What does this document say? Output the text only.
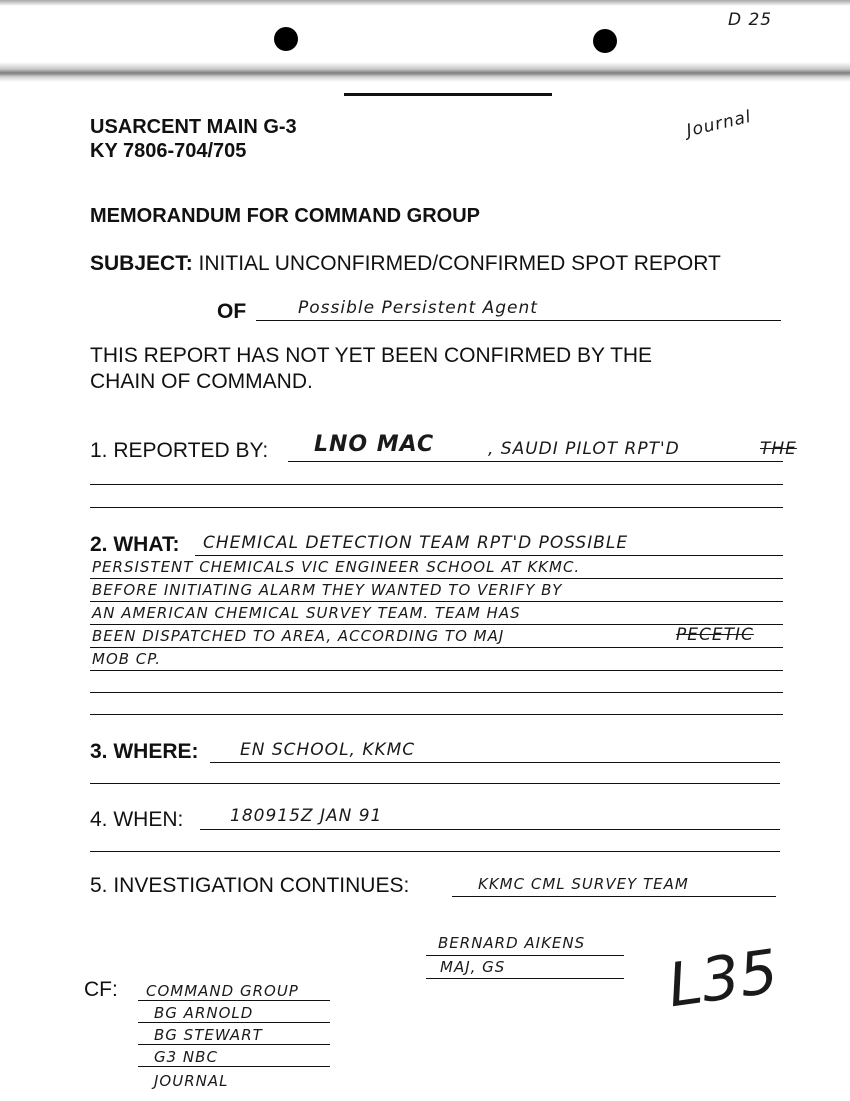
D 25
Journal
USARCENT MAIN G-3
KY 7806-704/705
MEMORANDUM FOR COMMAND GROUP
SUBJECT: INITIAL UNCONFIRMED/CONFIRMED SPOT REPORT
OF	Possible Persistent Agent
THIS REPORT HAS NOT YET BEEN CONFIRMED BY THE
CHAIN OF COMMAND.
1. REPORTED BY: LNO MAC	, SAUDI PILOT RPT'D	THE
2. WHAT: CHEMICAL DETECTION TEAM RPT'D POSSIBLE
PERSISTENT CHEMICALS VIC ENGINEER SCHOOL AT KKMC.
BEFORE INITIATING ALARM THEY WANTED TO VERIFY BY
AN AMERICAN CHEMICAL SURVEY TEAM. TEAM HAS
BEEN DISPATCHED TO AREA, ACCORDING TO MAJ	PECETIC
MOB CP.
3. WHERE: EN SCHOOL, KKMC
4. WHEN:	180915Z JAN 91
5. INVESTIGATION CONTINUES:	KKMC CML SURVEY TEAM
BERNARD AIKENS
MAJ, GS
CF: COMMAND GROUP
BG ARNOLD
BG STEWART
G3 NBC
JOURNAL
L35
